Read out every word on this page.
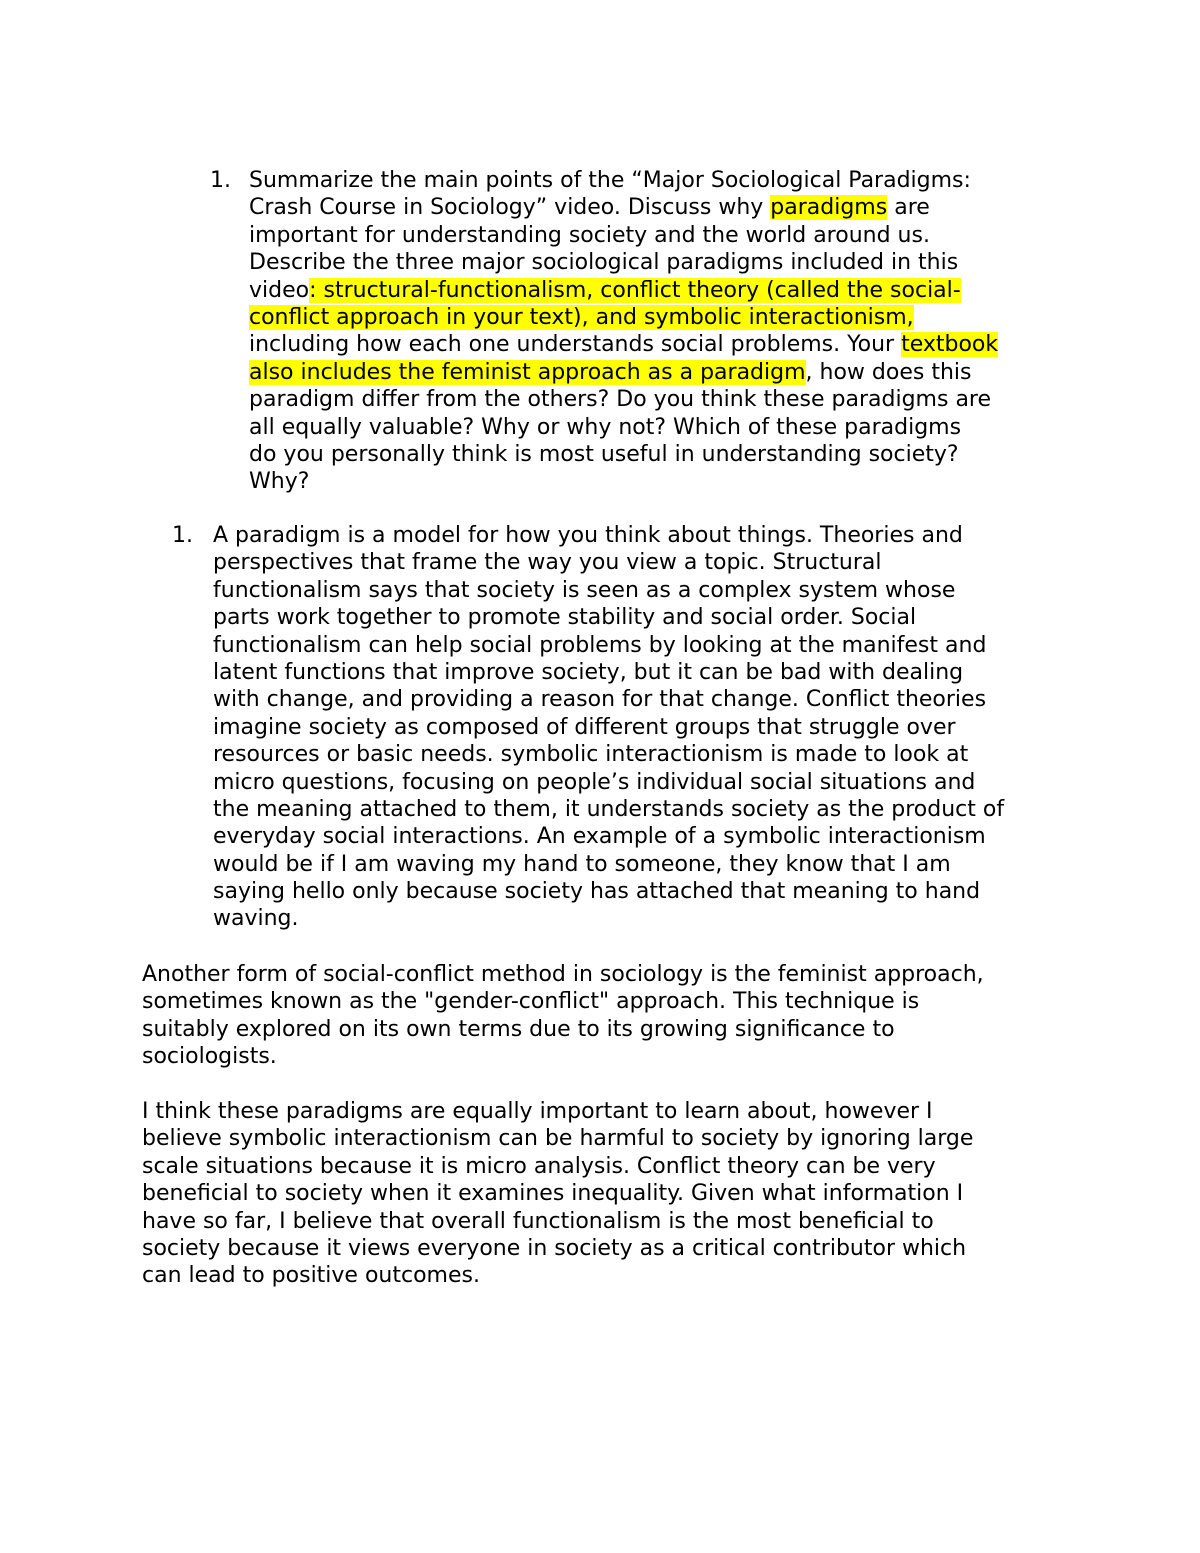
1. Summarize the main points of the “Major Sociological Paradigms:
Crash Course in Sociology” video. Discuss why paradigms are
important for understanding society and the world around us.
Describe the three major sociological paradigms included in this
video: structural-functionalism, conflict theory (called the social-
conflict approach in your text), and symbolic interactionism,
including how each one understands social problems. Your textbook
also includes the feminist approach as a paradigm, how does this
paradigm differ from the others? Do you think these paradigms are
all equally valuable? Why or why not? Which of these paradigms
do you personally think is most useful in understanding society?
Why?
1. A paradigm is a model for how you think about things. Theories and
perspectives that frame the way you view a topic. Structural
functionalism says that society is seen as a complex system whose
parts work together to promote stability and social order. Social
functionalism can help social problems by looking at the manifest and
latent functions that improve society, but it can be bad with dealing
with change, and providing a reason for that change. Conflict theories
imagine society as composed of different groups that struggle over
resources or basic needs. symbolic interactionism is made to look at
micro questions, focusing on people’s individual social situations and
the meaning attached to them, it understands society as the product of
everyday social interactions. An example of a symbolic interactionism
would be if I am waving my hand to someone, they know that I am
saying hello only because society has attached that meaning to hand
waving.
Another form of social-conflict method in sociology is the feminist approach,
sometimes known as the "gender-conflict" approach. This technique is
suitably explored on its own terms due to its growing significance to
sociologists.
I think these paradigms are equally important to learn about, however I
believe symbolic interactionism can be harmful to society by ignoring large
scale situations because it is micro analysis. Conflict theory can be very
beneficial to society when it examines inequality. Given what information I
have so far, I believe that overall functionalism is the most beneficial to
society because it views everyone in society as a critical contributor which
can lead to positive outcomes.
